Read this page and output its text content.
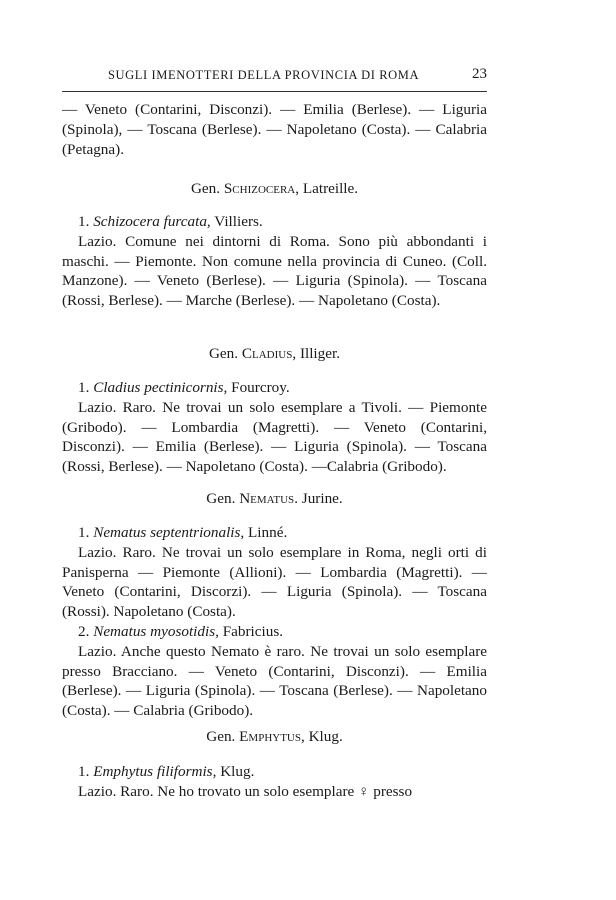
SUGLI IMENOTTERI DELLA PROVINCIA DI ROMA	23

— Veneto (Contarini, Disconzi). — Emilia (Berlese). — Liguria (Spinola), — Toscana (Berlese). — Napoletano (Costa). — Calabria (Petagna).

Gen. Schizocera, Latreille.

1. Schizocera furcata, Villiers.

Lazio. Comune nei dintorni di Roma. Sono più abbondanti i maschi. — Piemonte. Non comune nella provincia di Cuneo. (Coll. Manzone). — Veneto (Berlese). — Liguria (Spinola). — Toscana (Rossi, Berlese). — Marche (Berlese). — Napoletano (Costa).

Gen. Cladius, Illiger.

1. Cladius pectinicornis, Fourcroy.

Lazio. Raro. Ne trovai un solo esemplare a Tivoli. — Piemonte (Gribodo). — Lombardia (Magretti). — Veneto (Contarini, Disconzi). — Emilia (Berlese). — Liguria (Spinola). — Toscana (Rossi, Berlese). — Napoletano (Costa). —Calabria (Gribodo).

Gen. Nematus. Jurine.

1. Nematus septentrionalis, Linné.

Lazio. Raro. Ne trovai un solo esemplare in Roma, negli orti di Panisperna — Piemonte (Allioni). — Lombardia (Magretti). — Veneto (Contarini, Discorzi). — Liguria (Spinola). — Toscana (Rossi). Napoletano (Costa).

2. Nematus myosotidis, Fabricius.

Lazio. Anche questo Nemato è raro. Ne trovai un solo esemplare presso Bracciano. — Veneto (Contarini, Disconzi). — Emilia (Berlese). — Liguria (Spinola). — Toscana (Berlese). — Napoletano (Costa). — Calabria (Gribodo).

Gen. Emphytus, Klug.

1. Emphytus filiformis, Klug.

Lazio. Raro. Ne ho trovato un solo esemplare ♀ presso
